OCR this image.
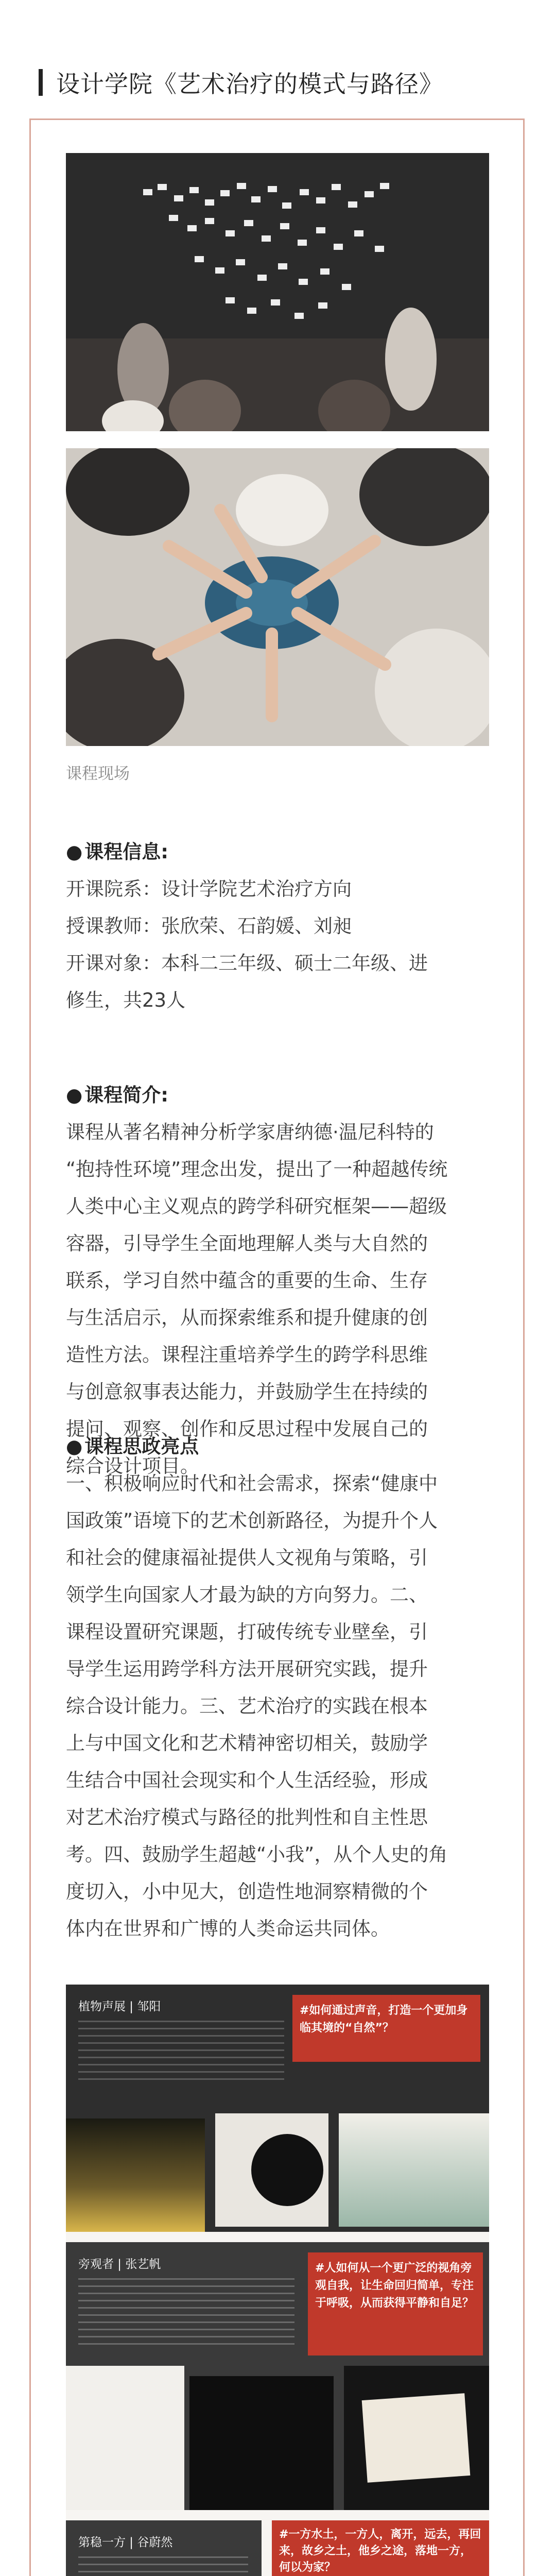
设计学院《艺术治疗的模式与路径》
课程现场
● 课程信息:
开课院系：设计学院艺术治疗方向
授课教师：张欣荣、石韵媛、刘昶
开课对象：本科二三年级、硕士二年级、进
修生，共23人
● 课程简介:
课程从著名精神分析学家唐纳德·温尼科特的
“抱持性环境”理念出发，提出了一种超越传统
人类中心主义观点的跨学科研究框架——超级
容器，引导学生全面地理解人类与大自然的
联系，学习自然中蕴含的重要的生命、生存
与生活启示，从而探索维系和提升健康的创
造性方法。课程注重培养学生的跨学科思维
与创意叙事表达能力，并鼓励学生在持续的
提问、观察、创作和反思过程中发展自己的
综合设计项目。
● 课程思政亮点
一、积极响应时代和社会需求，探索“健康中
国政策”语境下的艺术创新路径，为提升个人
和社会的健康福祉提供人文视角与策略，引
领学生向国家人才最为缺的方向努力。二、
课程设置研究课题，打破传统专业壁垒，引
导学生运用跨学科方法开展研究实践，提升
综合设计能力。三、艺术治疗的实践在根本
上与中国文化和艺术精神密切相关，鼓励学
生结合中国社会现实和个人生活经验，形成
对艺术治疗模式与路径的批判性和自主性思
考。四、鼓励学生超越“小我”，从个人史的角
度切入，小中见大，创造性地洞察精微的个
体内在世界和广博的人类命运共同体。
植物声展 | 邹阳	#如何通过声音，打造一个更加身临其境的“自然”？
旁观者 | 张艺帆	#人如何从一个更广泛的视角旁观自我，让生命回归简单，专注于呼吸，从而获得平静和自足？
第稳一方 | 谷蔚然
#一方水土，一方人，离开，远去，再回来，故乡之土，他乡之途，落地一方，何以为家？
